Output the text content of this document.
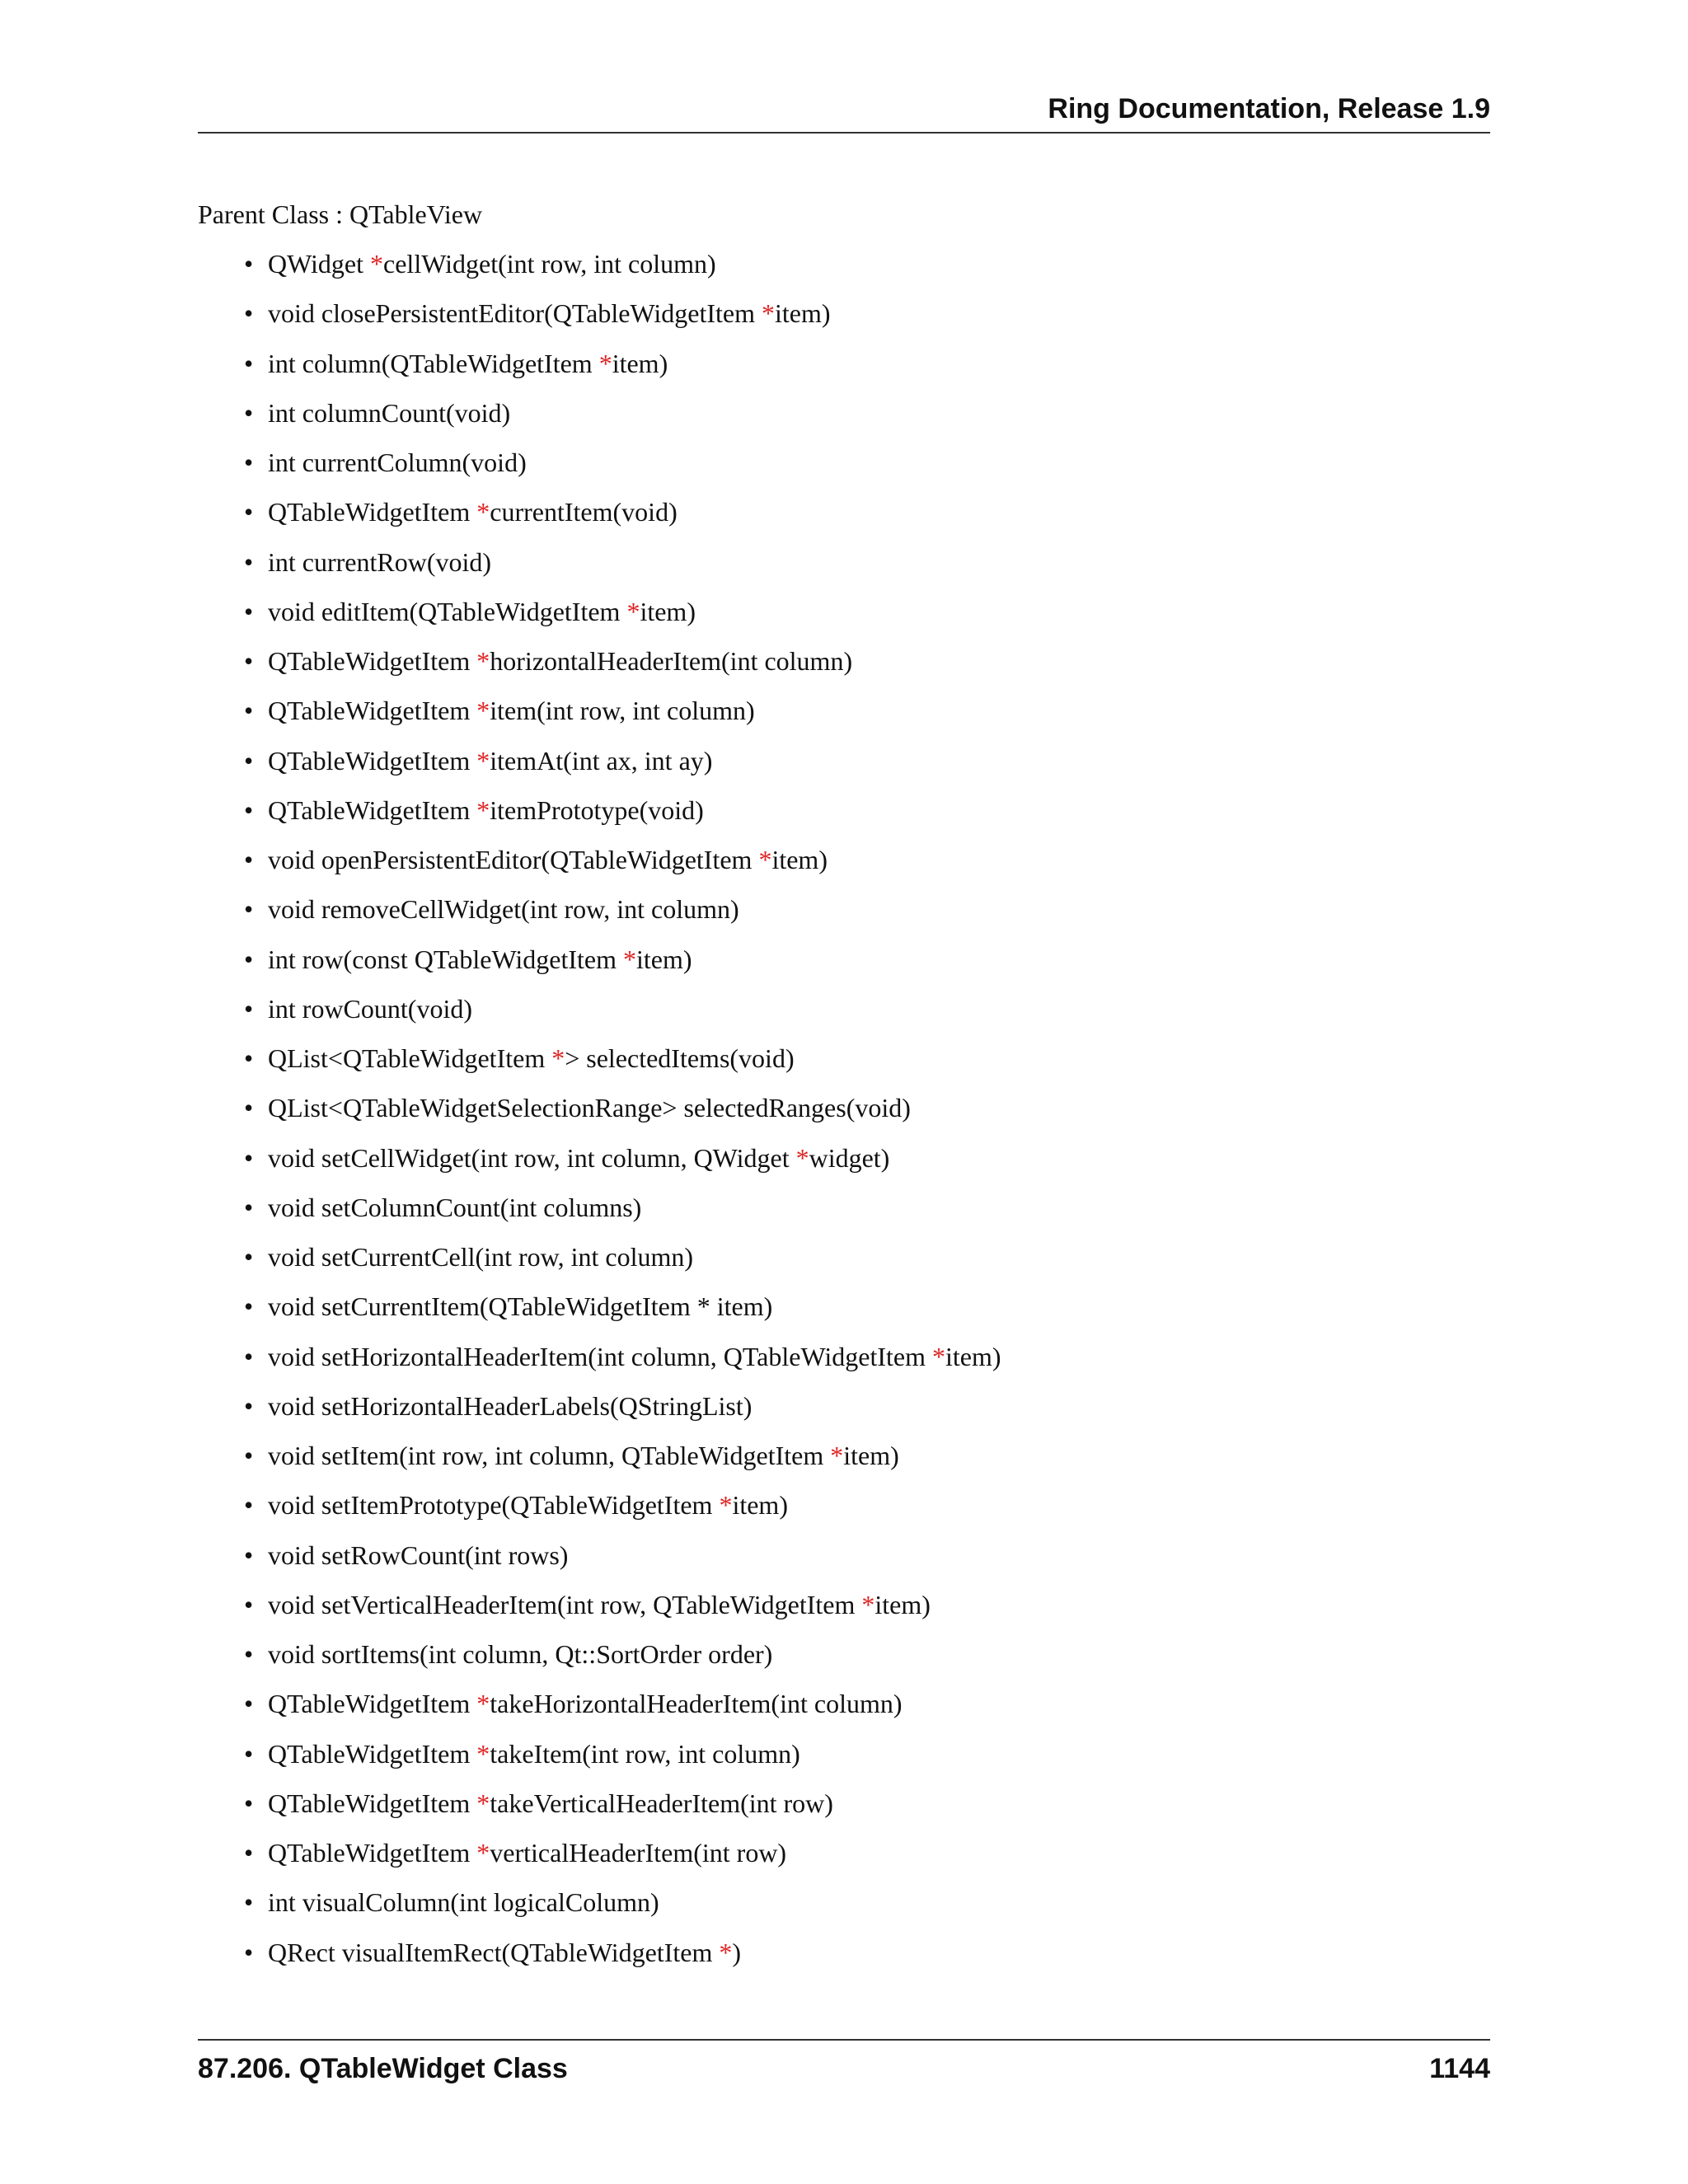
Ring Documentation, Release 1.9
Parent Class : QTableView
• QWidget *cellWidget(int row, int column)
• void closePersistentEditor(QTableWidgetItem *item)
• int column(QTableWidgetItem *item)
• int columnCount(void)
• int currentColumn(void)
• QTableWidgetItem *currentItem(void)
• int currentRow(void)
• void editItem(QTableWidgetItem *item)
• QTableWidgetItem *horizontalHeaderItem(int column)
• QTableWidgetItem *item(int row, int column)
• QTableWidgetItem *itemAt(int ax, int ay)
• QTableWidgetItem *itemPrototype(void)
• void openPersistentEditor(QTableWidgetItem *item)
• void removeCellWidget(int row, int column)
• int row(const QTableWidgetItem *item)
• int rowCount(void)
• QList<QTableWidgetItem *> selectedItems(void)
• QList<QTableWidgetSelectionRange> selectedRanges(void)
• void setCellWidget(int row, int column, QWidget *widget)
• void setColumnCount(int columns)
• void setCurrentCell(int row, int column)
• void setCurrentItem(QTableWidgetItem * item)
• void setHorizontalHeaderItem(int column, QTableWidgetItem *item)
• void setHorizontalHeaderLabels(QStringList)
• void setItem(int row, int column, QTableWidgetItem *item)
• void setItemPrototype(QTableWidgetItem *item)
• void setRowCount(int rows)
• void setVerticalHeaderItem(int row, QTableWidgetItem *item)
• void sortItems(int column, Qt::SortOrder order)
• QTableWidgetItem *takeHorizontalHeaderItem(int column)
• QTableWidgetItem *takeItem(int row, int column)
• QTableWidgetItem *takeVerticalHeaderItem(int row)
• QTableWidgetItem *verticalHeaderItem(int row)
• int visualColumn(int logicalColumn)
• QRect visualItemRect(QTableWidgetItem *)
87.206. QTableWidget Class	1144
